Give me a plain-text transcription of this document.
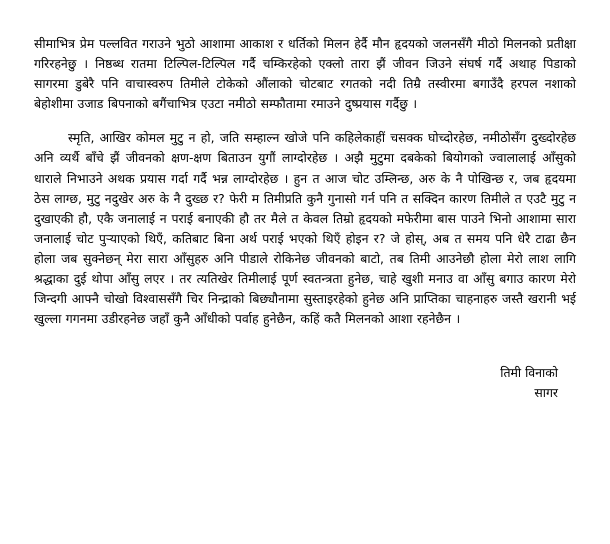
सीमाभित्र प्रेम पल्लवित गराउने भुठो आशामा आकाश र धर्तिको मिलन हेर्दै मौन हृदयको जलनसँगै मीठो मिलनको प्रतीक्षा गरिरहनेछु । निष्ठब्ध रातमा टिल्पिल-टिल्पिल गर्दै चम्किरहेको एक्लो तारा झैं जीवन जिउने संघर्ष गर्दै अथाह पिडाको सागरमा डुबेरै पनि वाचास्वरुप तिमीले टोकेको औंलाको चोटबाट रगतको नदी तिम्रै तस्वीरमा बगाउँदै हरपल नशाको बेहोशीमा उजाड बिपनाको बगैंचाभित्र एउटा नमीठो सम्फौतामा रमाउने दुष्प्रयास गर्दैछु ।

स्मृति, आखिर कोमल मुटु न हो, जति सम्हाल्न खोजे पनि कहिलेकाहीं चसक्क घोच्दोरहेछ, नमीठोसँग दुख्दोरहेछ अनि व्यर्थै बाँचे झैं जीवनको क्षण-क्षण बिताउन युगौं लाग्दोरहेछ । अझै मुटुमा दबकेको बियोगको ज्वालालाई आँसुको धाराले निभाउने अथक प्रयास गर्दा गर्दै भन्न लाग्दोरहेछ । हुन त आज चोट उम्लिन्छ, अरु के नै पोखिन्छ र, जब हृदयमा ठेस लाग्छ, मुटु नदुखेर अरु के नै दुख्छ र? फेरी म तिमीप्रति कुनै गुनासो गर्न पनि त सक्दिन कारण तिमीले त एउटै मुटु न दुखाएकी हौ, एकै जनालाई न पराई बनाएकी हौ तर मैले त केवल तिम्रो हृदयको मफेरीमा बास पाउने भिनो आशामा सारा जनालाई चोट पुऱ्याएको थिएँ, कतिबाट बिना अर्थ पराई भएको थिएँ होइन र? जे होस्, अब त समय पनि धेरै टाढा छैन होला जब सुक्नेछन् मेरा सारा आँसुहरु अनि पीडाले रोकिनेछ जीवनको बाटो, तब तिमी आउनेछौ होला मेरो लाश लागि श्रद्धाका दुई थोपा आँसु लएर । तर त्यतिखेर तिमीलाई पूर्ण स्वतन्त्रता हुनेछ, चाहे खुशी मनाउ वा आँसु बगाउ कारण मेरो जिन्दगी आफ्नै चोखो विश्वाससँगै चिर निन्द्राको बिछ्यौनामा सुस्ताइरहेको हुनेछ अनि प्राप्तिका चाहनाहरु जस्तै खरानी भई खुल्ला गगनमा उडीरहनेछ जहाँ कुनै आँधीको पर्वाह हुनेछैन, कहिं कतै मिलनको आशा रहनेछैन ।

तिमी विनाको
सागर
